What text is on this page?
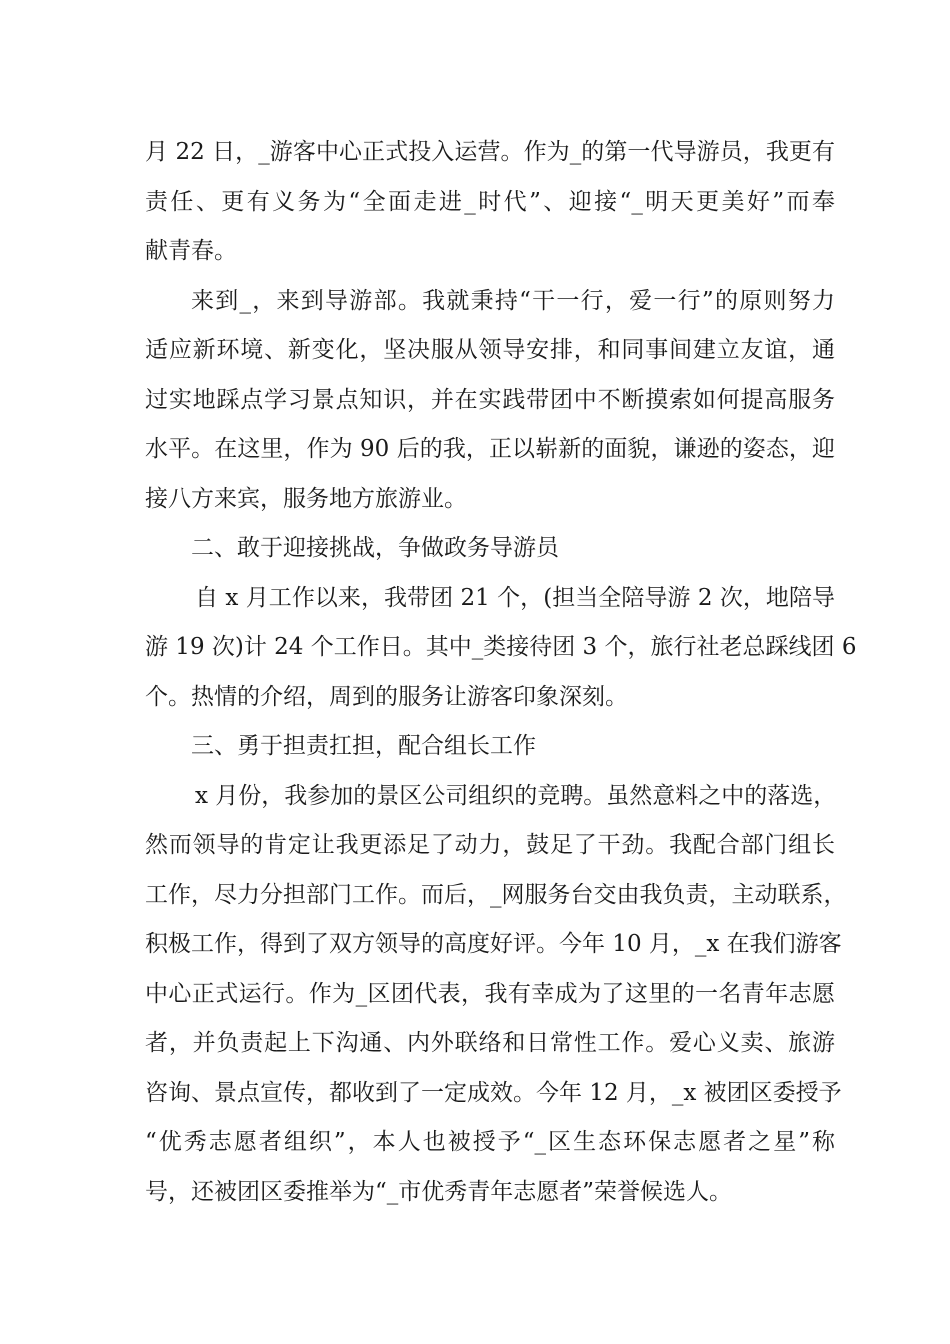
月 22 日，_游客中心正式投入运营。作为_的第一代导游员，我更有
责任、更有义务为“全面走进_时代”、迎接“_明天更美好”而奉
献青春。
来到_，来到导游部。我就秉持“干一行，爱一行”的原则努力
适应新环境、新变化，坚决服从领导安排，和同事间建立友谊，通
过实地踩点学习景点知识，并在实践带团中不断摸索如何提高服务
水平。在这里，作为 90 后的我，正以崭新的面貌，谦逊的姿态，迎
接八方来宾，服务地方旅游业。
二、敢于迎接挑战，争做政务导游员
自 x 月工作以来，我带团 21 个，(担当全陪导游 2 次，地陪导
游 19 次)计 24 个工作日。其中_类接待团 3 个，旅行社老总踩线团 6
个。热情的介绍，周到的服务让游客印象深刻。
三、勇于担责扛担，配合组长工作
x 月份，我参加的景区公司组织的竞聘。虽然意料之中的落选，
然而领导的肯定让我更添足了动力，鼓足了干劲。我配合部门组长
工作，尽力分担部门工作。而后，_网服务台交由我负责，主动联系，
积极工作，得到了双方领导的高度好评。今年 10 月，_x 在我们游客
中心正式运行。作为_区团代表，我有幸成为了这里的一名青年志愿
者，并负责起上下沟通、内外联络和日常性工作。爱心义卖、旅游
咨询、景点宣传，都收到了一定成效。今年 12 月，_x 被团区委授予
“优秀志愿者组织”，本人也被授予“_区生态环保志愿者之星”称
号，还被团区委推举为“_市优秀青年志愿者”荣誉候选人。
